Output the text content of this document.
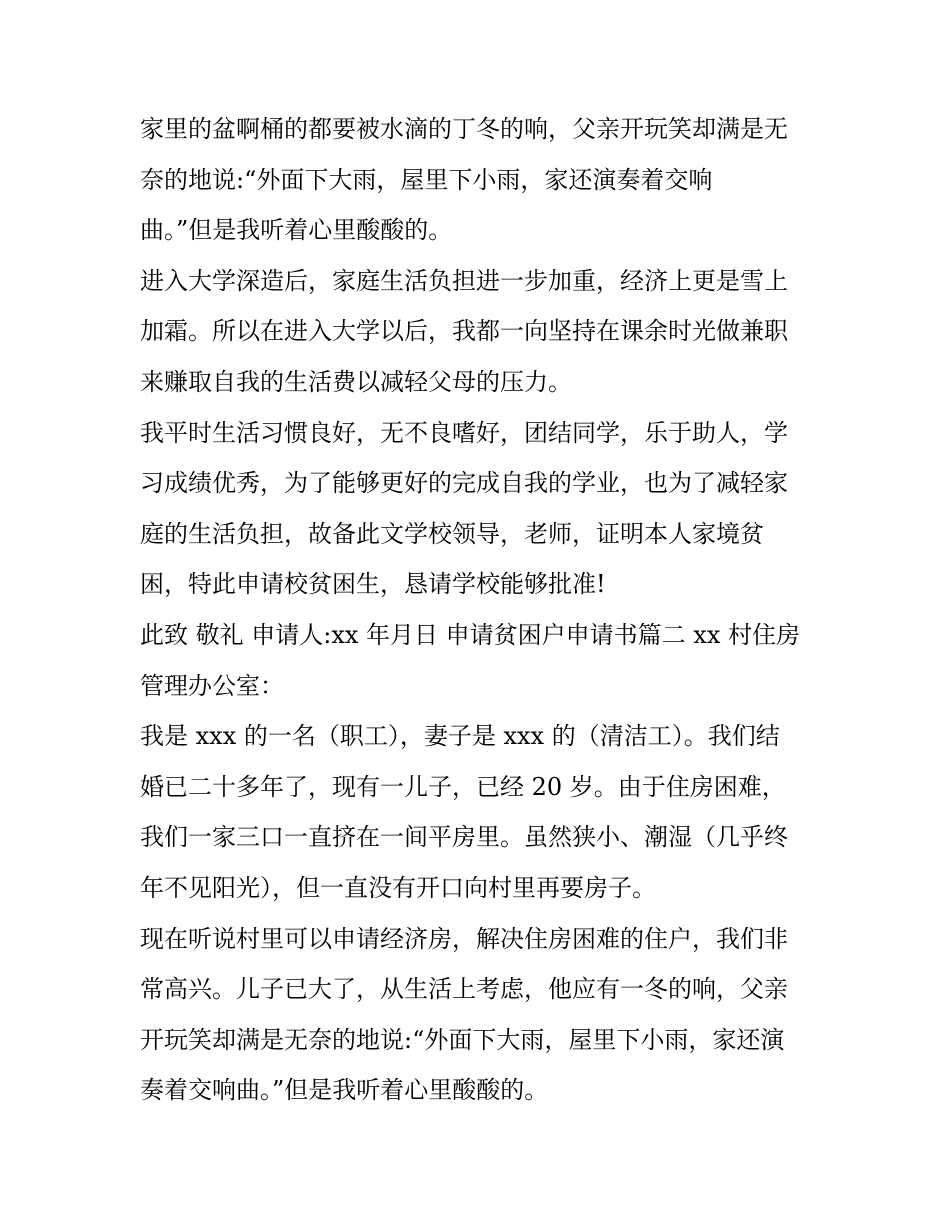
家里的盆啊桶的都要被水滴的丁冬的响，父亲开玩笑却满是无
奈的地说:“外面下大雨，屋里下小雨，家还演奏着交响
曲。”但是我听着心里酸酸的。
进入大学深造后，家庭生活负担进一步加重，经济上更是雪上
加霜。所以在进入大学以后，我都一向坚持在课余时光做兼职
来赚取自我的生活费以减轻父母的压力。
我平时生活习惯良好，无不良嗜好，团结同学，乐于助人，学
习成绩优秀，为了能够更好的完成自我的学业，也为了减轻家
庭的生活负担，故备此文学校领导，老师，证明本人家境贫
困，特此申请校贫困生，恳请学校能够批准!
此致 敬礼 申请人:xx 年月日 申请贫困户申请书篇二 xx 村住房
管理办公室：
我是 xxx 的一名（职工），妻子是 xxx 的（清洁工）。我们结
婚已二十多年了，现有一儿子，已经 20 岁。由于住房困难，
我们一家三口一直挤在一间平房里。虽然狭小、潮湿（几乎终
年不见阳光），但一直没有开口向村里再要房子。
现在听说村里可以申请经济房，解决住房困难的住户，我们非
常高兴。儿子已大了，从生活上考虑，他应有一冬的响，父亲
开玩笑却满是无奈的地说:“外面下大雨，屋里下小雨，家还演
奏着交响曲。”但是我听着心里酸酸的。
